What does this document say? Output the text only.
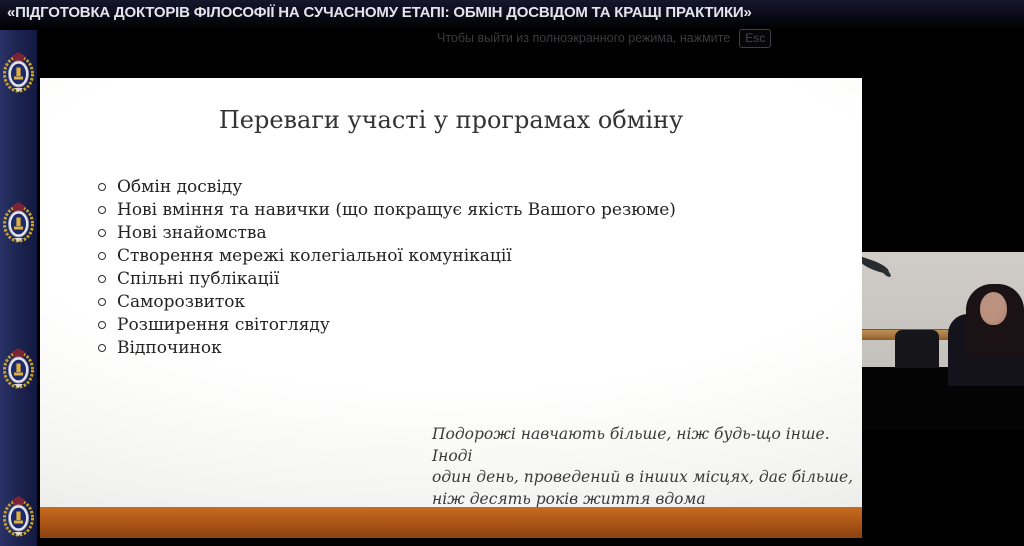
«ПІДГОТОВКА ДОКТОРІВ ФІЛОСОФІЇ НА СУЧАСНОМУ ЕТАПІ: ОБМІН ДОСВІДОМ ТА КРАЩІ ПРАКТИКИ»
Чтобы выйти из полноэкранного режима, нажмите	Esc
Переваги участі у програмах обміну
Обмін досвіду
Нові вміння та навички (що покращує якість Вашого резюме)
Нові знайомства
Створення мережі колегіальної комунікації
Спільні публікації
Саморозвиток
Розширення світогляду
Відпочинок
Подорожі навчають більше, ніж будь-що інше. Іноді
один день, проведений в інших місцях, дає більше,
ніж десять років життя вдома
